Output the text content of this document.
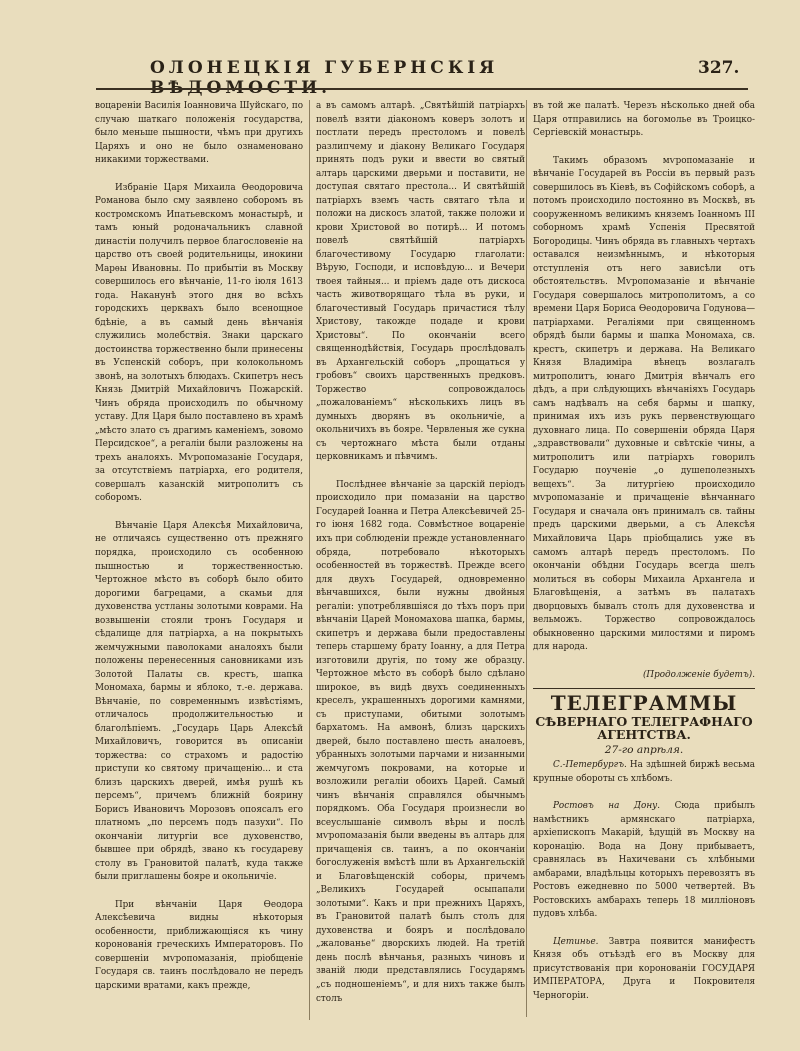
ОЛОНЕЦКІЯ ГУБЕРНСКІЯ ВѢДОМОСТИ.
327.

воцареніи Василія Іоанновича Шуйскаго, по случаю шаткаго положенія государства, было меньше пышности, чѣмъ при другихъ Царяхъ и оно не было ознаменовано никакими торжествами.

Избраніе Царя Михаила Ѳеодоровича Романова было сму заявлено соборомъ въ костромскомъ Ипатьевскомъ монастырѣ, и тамъ юный родоначальникъ славной династіи получилъ первое благословеніе на царство отъ своей родительницы, инокини Марѳы Ивановны. По прибытіи въ Москву совершилось его вѣнчаніе, 11-го іюля 1613 года. Наканунѣ этого дня во всѣхъ городскихъ церквахъ было всенощное бдѣніе, а въ самый день вѣнчанія служились молебствія. Знаки царскаго достоинства торжественно были принесены въ Успенскій соборъ, при колокольномъ звонѣ, на золотыхъ блюдахъ. Скипетръ несъ Князь Дмитрій Михайловичъ Пожарскій. Чинъ обряда происходилъ по обычному уставу. Для Царя было поставлено въ храмѣ „мѣсто злато съ драгимъ каменіемъ, зовомо Персидское“, а регаліи были разложены на трехъ аналояхъ. Мѵропомазаніе Государя, за отсутствіемъ патріарха, его родителя, совершалъ казанскій митрополитъ съ соборомъ.

Вѣнчаніе Царя Алексѣя Михайловича, не отличаясь существенно отъ прежняго порядка, происходило съ особенною пышностью и торжественностью. Чертожное мѣсто въ соборѣ было обито дорогими багрецами, а скамьи для духовенства устланы золотыми коврами. На возвышеніи стояли тронъ Государя и сѣдалище для патріарха, а на покрытыхъ жемчужными паволоками аналояхъ были положены перенесенныя сановниками изъ Золотой Палаты св. крестъ, шапка Мономаха, бармы и яблоко, т.-е. держава. Вѣнчаніе, по современнымъ извѣстіямъ, отличалось продолжительностью и благолѣпіемъ. „Государь Царь Алексѣй Михайловичъ, говорится въ описаніи торжества: со страхомъ и радостію приступи ко святому причащенію... и ста близъ царскихъ дверей, имѣя рушѣ къ персемъ“, причемъ ближній боярину Борисъ Ивановичъ Морозовъ опоясалъ его платномъ „по персемъ подъ пазухи“. По окончаніи литургіи все духовенство, бывшее при обрядѣ, звано къ государеву столу въ Грановитой палатѣ, куда также были приглашены бояре и окольничіе.

При вѣнчаніи Царя Ѳеодора Алексѣевича видны нѣкоторыя особенности, приближающіяся къ чину коронованія греческихъ Императоровъ. По совершеніи мѵропомазанія, пріобщеніе Государя св. таинъ послѣдовало не передъ царскими вратами, какъ прежде,

а въ самомъ алтарѣ. „Святѣйшій патріархъ повелѣ взяти діакономъ коверъ золотъ и постлати передъ престоломъ и повелѣ разлипчему и діакону Великаго Государя принять подъ руки и ввести во святый алтарь царскими дверьми и поставити, не доступая святаго престола... И святѣйшій патріархъ вземъ часть святаго тѣла и положи на дискосъ златой, также положи и крови Христовой во потирѣ... И потомъ повелѣ святѣйшій патріархъ благочестивому Государю глаголати: Вѣрую, Господи, и исповѣдую... и Вечери твоея тайныя... и пріемъ даде отъ дискоса часть животворящаго тѣла въ руки, и благочестивый Государь причастися тѣлу Христову, такожде подаде и крови Христовы“. По окончаніи всего священнодѣйствія, Государь прослѣдовалъ въ Архангельскій соборъ „прощаться у гробовъ“ своихъ царственныхъ предковъ. Торжество сопровождалось „пожалованіемъ“ нѣсколькихъ лицъ въ думныхъ дворянъ въ окольничіе, а окольничихъ въ бояре. Червленыя же сукна съ чертожнаго мѣста были отданы церковникамъ и пѣвчимъ.

Послѣднее вѣнчаніе за царскій періодъ происходило при помазаніи на царство Государей Іоанна и Петра Алексѣевичей 25-го іюня 1682 года. Совмѣстное воцареніе ихъ при соблюденіи прежде установленнаго обряда, потребовало нѣкоторыхъ особенностей въ торжествѣ. Прежде всего для двухъ Государей, одновременно вѣнчавшихся, были нужны двойныя регаліи: употреблявшіяся до тѣхъ поръ при вѣнчаніи Царей Мономахова шапка, бармы, скипетръ и держава были предоставлены теперь старшему брату Іоанну, а для Петра изготовили другія, по тому же образцу. Чертожное мѣсто въ соборѣ было сдѣлано широкое, въ видѣ двухъ соединенныхъ креселъ, украшенныхъ дорогими камнями, съ приступами, обитыми золотымъ бархатомъ. На амвонѣ, близъ царскихъ дверей, было поставлено шесть аналоевъ, убранныхъ золотыми парчами и низанными жемчугомъ покровами, на которые и возложили регаліи обоихъ Царей. Самый чинъ вѣнчанія справлялся обычнымъ порядкомъ. Оба Государя произнесли во всеуслышаніе символъ вѣры и послѣ мѵропомазанія были введены въ алтарь для причащенія св. таинъ, а по окончаніи богослуженія вмѣстѣ шли въ Архангельскій и Благовѣщенскій соборы, причемъ „Великихъ Государей осыпапали золотыми“. Какъ и при прежнихъ Царяхъ, въ Грановитой палатѣ былъ столъ для духовенства и бояръ и послѣдовало „жалованье“ дворскихъ людей. На третій день послѣ вѣнчанья, разныхъ чиновъ и званій люди представлялись Государямъ „съ подношеніемъ“, и для нихъ также былъ столъ

въ той же палатѣ. Черезъ нѣсколько дней оба Царя отправились на богомолье въ Троицко-Сергіевскій монастырь.

Такимъ образомъ мѵропомазаніе и вѣнчаніе Государей въ Россіи въ первый разъ совершилось въ Кіевѣ, въ Софійскомъ соборѣ, а потомъ происходило постоянно въ Москвѣ, въ сооруженномъ великимъ княземъ Іоанномъ III соборномъ храмѣ Успенія Пресвятой Богородицы. Чинъ обряда въ главныхъ чертахъ оставался неизмѣннымъ, и нѣкоторыя отступленія отъ него зависѣли отъ обстоятельствъ. Мѵропомазаніе и вѣнчаніе Государя совершалось митрополитомъ, а со времени Царя Бориса Ѳеодоровича Годунова—патріархами. Регаліями при священномъ обрядѣ были бармы и шапка Мономаха, св. крестъ, скипетръ и держава. На Великаго Князя Владиміра вѣнецъ возлагалъ митрополитъ, юнаго Дмитрія вѣнчалъ его дѣдъ, а при слѣдующихъ вѣнчаніяхъ Государь самъ надѣвалъ на себя бармы и шапку, принимая ихъ изъ рукъ первенствующаго духовнаго лица. По совершеніи обряда Царя „здравствовали“ духовные и свѣтскіе чины, а митрополитъ или патріархъ говорилъ Государю поученіе „о душеполезныхъ вещехъ“. За литургіею происходило мѵропомазаніе и причащеніе вѣнчаннаго Государя и сначала онъ принималъ св. тайны предъ царскими дверьми, а съ Алексѣя Михайловича Царь пріобщались уже въ самомъ алтарѣ передъ престоломъ. По окончаніи обѣдни Государь всегда шелъ молиться въ соборы Михаила Архангела и Благовѣщенія, а затѣмъ въ палатахъ дворцовыхъ бывалъ столъ для духовенства и вельможъ. Торжество сопровождалось обыкновенно царскими милостями и пиромъ для народа.

(Продолженіе будетъ).
ТЕЛЕГРАММЫ
СѢВЕРНАГО ТЕЛЕГРАФНАГО АГЕНТСТВА.
27-го апрѣля.

С.-Петербургъ. На здѣшней биржѣ весьма крупные обороты съ хлѣбомъ.

Ростовъ на Дону. Сюда прибылъ намѣстникъ армянскаго патріарха, архіепископъ Макарій, ѣдущій въ Москву на коронацію. Вода на Дону прибываетъ, сравнялась въ Нахичевани съ хлѣбными амбарами, владѣльцы которыхъ перевозятъ въ Ростовъ ежедневно по 5000 четвертей. Въ Ростовскихъ амбарахъ теперь 18 милліоновъ пудовъ хлѣба.

Цетинье. Завтра появится манифестъ Князя объ отъѣздѣ его въ Москву для присутствованія при коронованіи ГОСУДАРЯ ИМПЕРАТОРА, Друга и Покровителя Черногоріи.
